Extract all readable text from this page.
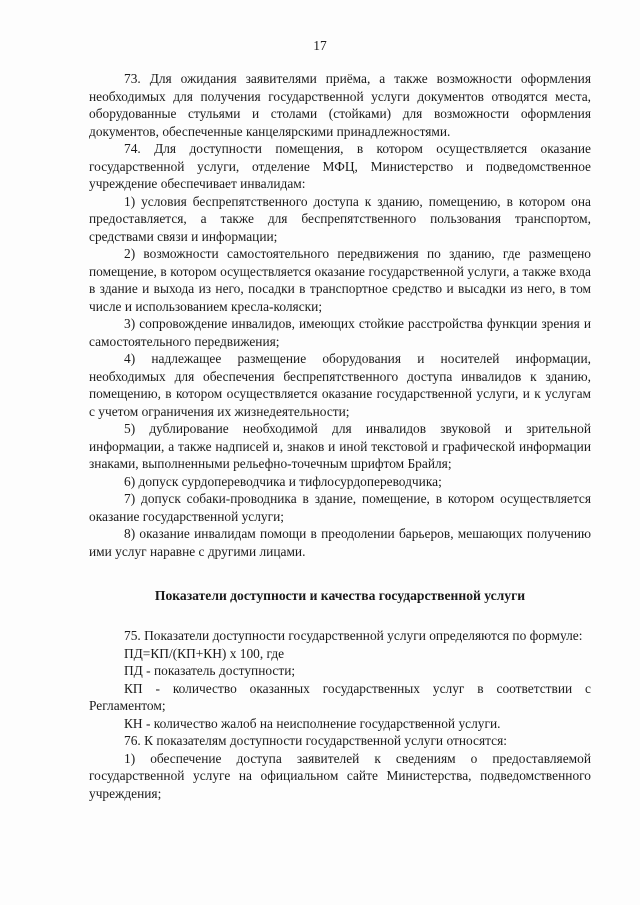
17

73. Для ожидания заявителями приёма, а также возможности оформления необходимых для получения государственной услуги документов отводятся места, оборудованные стульями и столами (стойками) для возможности оформления документов, обеспеченные канцелярскими принадлежностями.

74. Для доступности помещения, в котором осуществляется оказание государственной услуги, отделение МФЦ, Министерство и подведомственное учреждение обеспечивает инвалидам:

1) условия беспрепятственного доступа к зданию, помещению, в котором она предоставляется, а также для беспрепятственного пользования транспортом, средствами связи и информации;

2) возможности самостоятельного передвижения по зданию, где размещено помещение, в котором осуществляется оказание государственной услуги, а также входа в здание и выхода из него, посадки в транспортное средство и высадки из него, в том числе и использованием кресла-коляски;

3) сопровождение инвалидов, имеющих стойкие расстройства функции зрения и самостоятельного передвижения;

4) надлежащее размещение оборудования и носителей информации, необходимых для обеспечения беспрепятственного доступа инвалидов к зданию, помещению, в котором осуществляется оказание государственной услуги, и к услугам с учетом ограничения их жизнедеятельности;

5) дублирование необходимой для инвалидов звуковой и зрительной информации, а также надписей и, знаков и иной текстовой и графической информации знаками, выполненными рельефно-точечным шрифтом Брайля;

6) допуск сурдопереводчика и тифлосурдопереводчика;

7) допуск собаки-проводника в здание, помещение, в котором осуществляется оказание государственной услуги;

8) оказание инвалидам помощи в преодолении барьеров, мешающих получению ими услуг наравне с другими лицами.

Показатели доступности и качества государственной услуги

75. Показатели доступности государственной услуги определяются по формуле:

ПД=КП/(КП+КН) х 100, где

ПД - показатель доступности;

КП - количество оказанных государственных услуг в соответствии с Регламентом;

КН - количество жалоб на неисполнение государственной услуги.

76. К показателям доступности государственной услуги относятся:

1) обеспечение доступа заявителей к сведениям о предоставляемой государственной услуге на официальном сайте Министерства, подведомственного учреждения;
